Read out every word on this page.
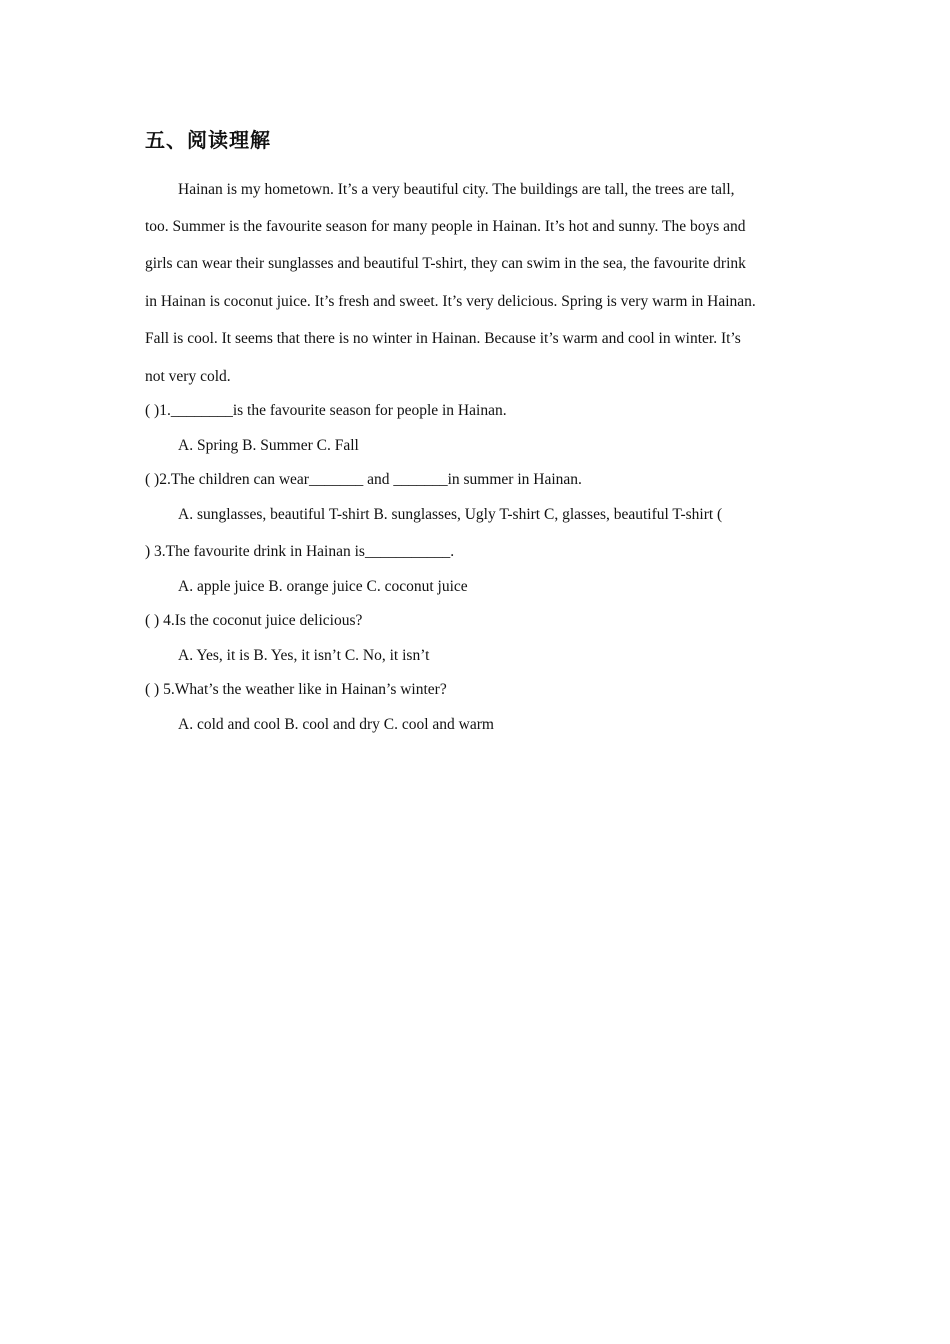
五、阅读理解
Hainan is my hometown. It’s a very beautiful city. The buildings are tall, the trees are tall,
too. Summer is the favourite season for many people in Hainan. It’s hot and sunny. The boys and
girls can wear their sunglasses and beautiful T-shirt, they can swim in the sea, the favourite drink
in Hainan is coconut juice. It’s fresh and sweet. It’s very delicious. Spring is very warm in Hainan.
Fall is cool. It seems that there is no winter in Hainan. Because it’s warm and cool in winter. It’s
not very cold.
( )1.________is the favourite season for people in Hainan.
A. Spring B. Summer C. Fall
( )2.The children can wear_______ and _______in summer in Hainan.
A. sunglasses, beautiful T-shirt B. sunglasses, Ugly T-shirt C, glasses, beautiful T-shirt (
) 3.The favourite drink in Hainan is___________.
A. apple juice B. orange juice C. coconut juice
( ) 4.Is the coconut juice delicious?
A. Yes, it is B. Yes, it isn’t C. No, it isn’t
( ) 5.What’s the weather like in Hainan’s winter?
A. cold and cool B. cool and dry C. cool and warm
